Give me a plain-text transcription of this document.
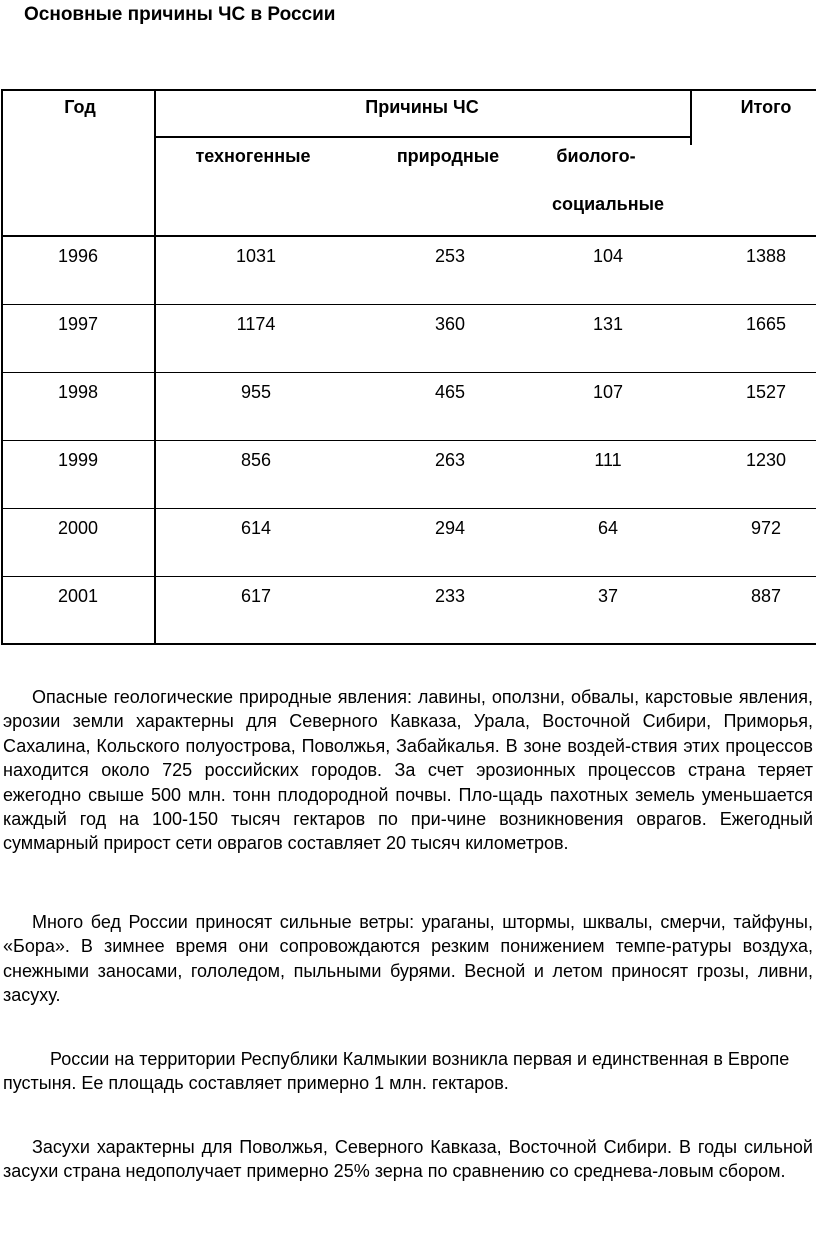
Основные причины ЧС в России
Год	Причины ЧС	Итого
техногенные	природные	биолого-
социальные
1996	1031	253	104	1388
1997	1174	360	131	1665
1998	955	465	107	1527
1999	856	263	111	1230
2000	614	294	64	972
2001	617	233	37	887

Опасные геологические природные явления: лавины, оползни, обвалы, карстовые явления, эрозии земли характерны для Северного Кавказа, Урала, Восточной Сибири, Приморья, Сахалина, Кольского полуострова, Поволжья, Забайкалья. В зоне воздей-ствия этих процессов находится около 725 российских городов. За счет эрозионных процессов страна теряет ежегодно свыше 500 млн. тонн плодородной почвы. Пло-щадь пахотных земель уменьшается каждый год на 100-150 тысяч гектаров по при-чине возникновения оврагов. Ежегодный суммарный прирост сети оврагов составляет 20 тысяч километров.

Много бед России приносят сильные ветры: ураганы, штормы, шквалы, смерчи, тайфуны, «Бора». В зимнее время они сопровождаются резким понижением темпе-ратуры воздуха, снежными заносами, гололедом, пыльными бурями. Весной и летом приносят грозы, ливни, засуху.

России на территории Республики Калмыкии возникла первая и единственная в Европе пустыня. Ее площадь составляет примерно 1 млн. гектаров.

Засухи характерны для Поволжья, Северного Кавказа, Восточной Сибири. В годы сильной засухи страна недополучает примерно 25% зерна по сравнению со среднева-ловым сбором.
